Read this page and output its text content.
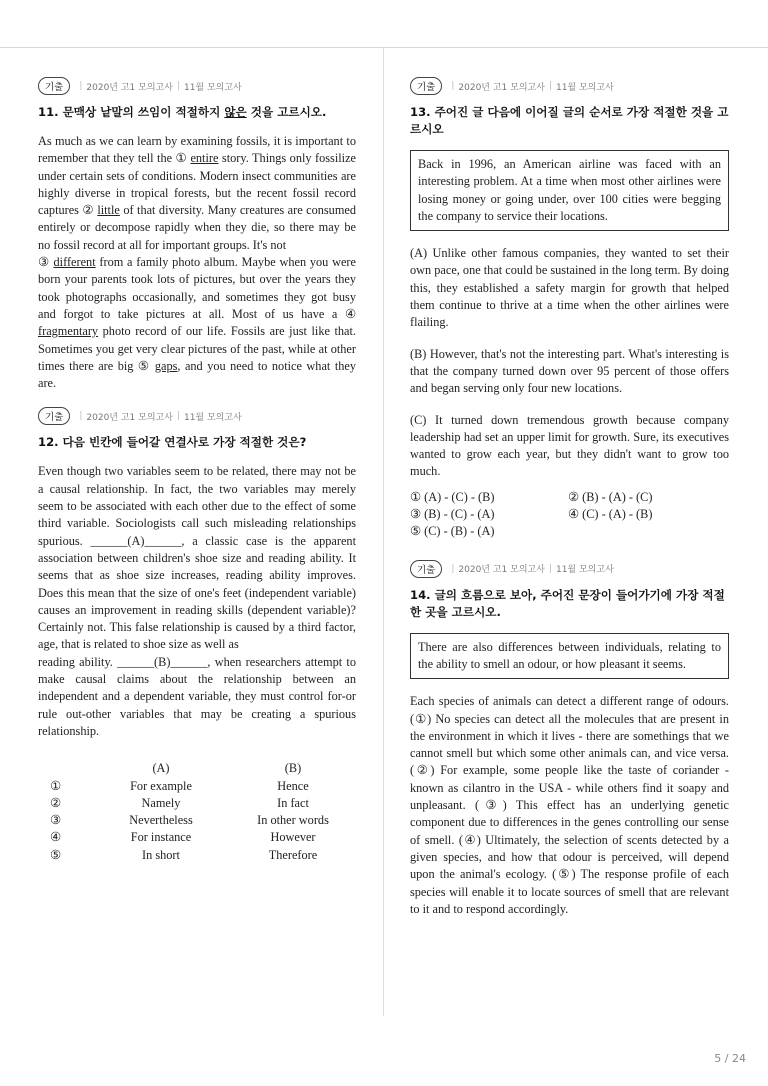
기출	| 2020년 고1 모의고사 | 11월 모의고사
11. 문맥상 낱말의 쓰임이 적절하지 않은 것을 고르시오.

As much as we can learn by examining fossils, it is important to remember that they tell the ① entire story. Things only fossilize under certain sets of conditions. Modern insect communities are highly diverse in tropical forests, but the recent fossil record captures ② little of that diversity. Many creatures are consumed entirely or decompose rapidly when they die, so there may be no fossil record at all for important groups. It's not
③ different from a family photo album. Maybe when you were born your parents took lots of pictures, but over the years they took photographs occasionally, and sometimes they got busy and forgot to take pictures at all. Most of us have a ④ fragmentary photo record of our life. Fossils are just like that. Sometimes you get very clear pictures of the past, while at other times there are big ⑤ gaps, and you need to notice what they are.

기출	| 2020년 고1 모의고사 | 11월 모의고사
12. 다음 빈칸에 들어갈 연결사로 가장 적절한 것은?

Even though two variables seem to be related, there may not be a causal relationship. In fact, the two variables may merely seem to be associated with each other due to the effect of some third variable. Sociologists call such misleading relationships spurious. ______(A)______, a classic case is the apparent association between children's shoe size and reading ability. It seems that as shoe size increases, reading ability improves. Does this mean that the size of one's feet (independent variable) causes an improvement in reading skills (dependent variable)? Certainly not. This false relationship is caused by a third factor, age, that is related to shoe size as well as
reading ability. ______(B)______, when researchers attempt to make causal claims about the relationship between an independent and a dependent variable, they must control for-or rule out-other variables that may be creating a spurious relationship.

	(A)	(B)
①	For example	Hence
②	Namely	In fact
③	Nevertheless	In other words
④	For instance	However
⑤	In short	Therefore
기출	| 2020년 고1 모의고사 | 11월 모의고사
13. 주어진 글 다음에 이어질 글의 순서로 가장 적절한 것을 고르시오
Back in 1996, an American airline was faced with an interesting problem. At a time when most other airlines were losing money or going under, over 100 cities were begging the company to service their locations.

(A) Unlike other famous companies, they wanted to set their own pace, one that could be sustained in the long term. By doing this, they established a safety margin for growth that helped them continue to thrive at a time when the other airlines were flailing.

(B) However, that's not the interesting part. What's interesting is that the company turned down over 95 percent of those offers and began serving only four new locations.

(C) It turned down tremendous growth because company leadership had set an upper limit for growth. Sure, its executives wanted to grow each year, but they didn't want to grow too much.

① (A) - (C) - (B)	② (B) - (A) - (C)
③ (B) - (C) - (A)	④ (C) - (A) - (B)
⑤ (C) - (B) - (A)
기출	| 2020년 고1 모의고사 | 11월 모의고사
14. 글의 흐름으로 보아, 주어진 문장이 들어가기에 가장 적절한 곳을 고르시오.
There are also differences between individuals, relating to the ability to smell an odour, or how pleasant it seems.

Each species of animals can detect a different range of odours. (①) No species can detect all the molecules that are present in the environment in which it lives - there are somethings that we cannot smell but which some other animals can, and vice versa. (②) For example, some people like the taste of coriander - known as cilantro in the USA - while others find it soapy and unpleasant. (③) This effect has an underlying genetic component due to differences in the genes controlling our sense of smell. (④) Ultimately, the selection of scents detected by a given species, and how that odour is perceived, will depend upon the animal's ecology. (⑤) The response profile of each species will enable it to locate sources of smell that are relevant to it and to respond accordingly.

5 / 24
